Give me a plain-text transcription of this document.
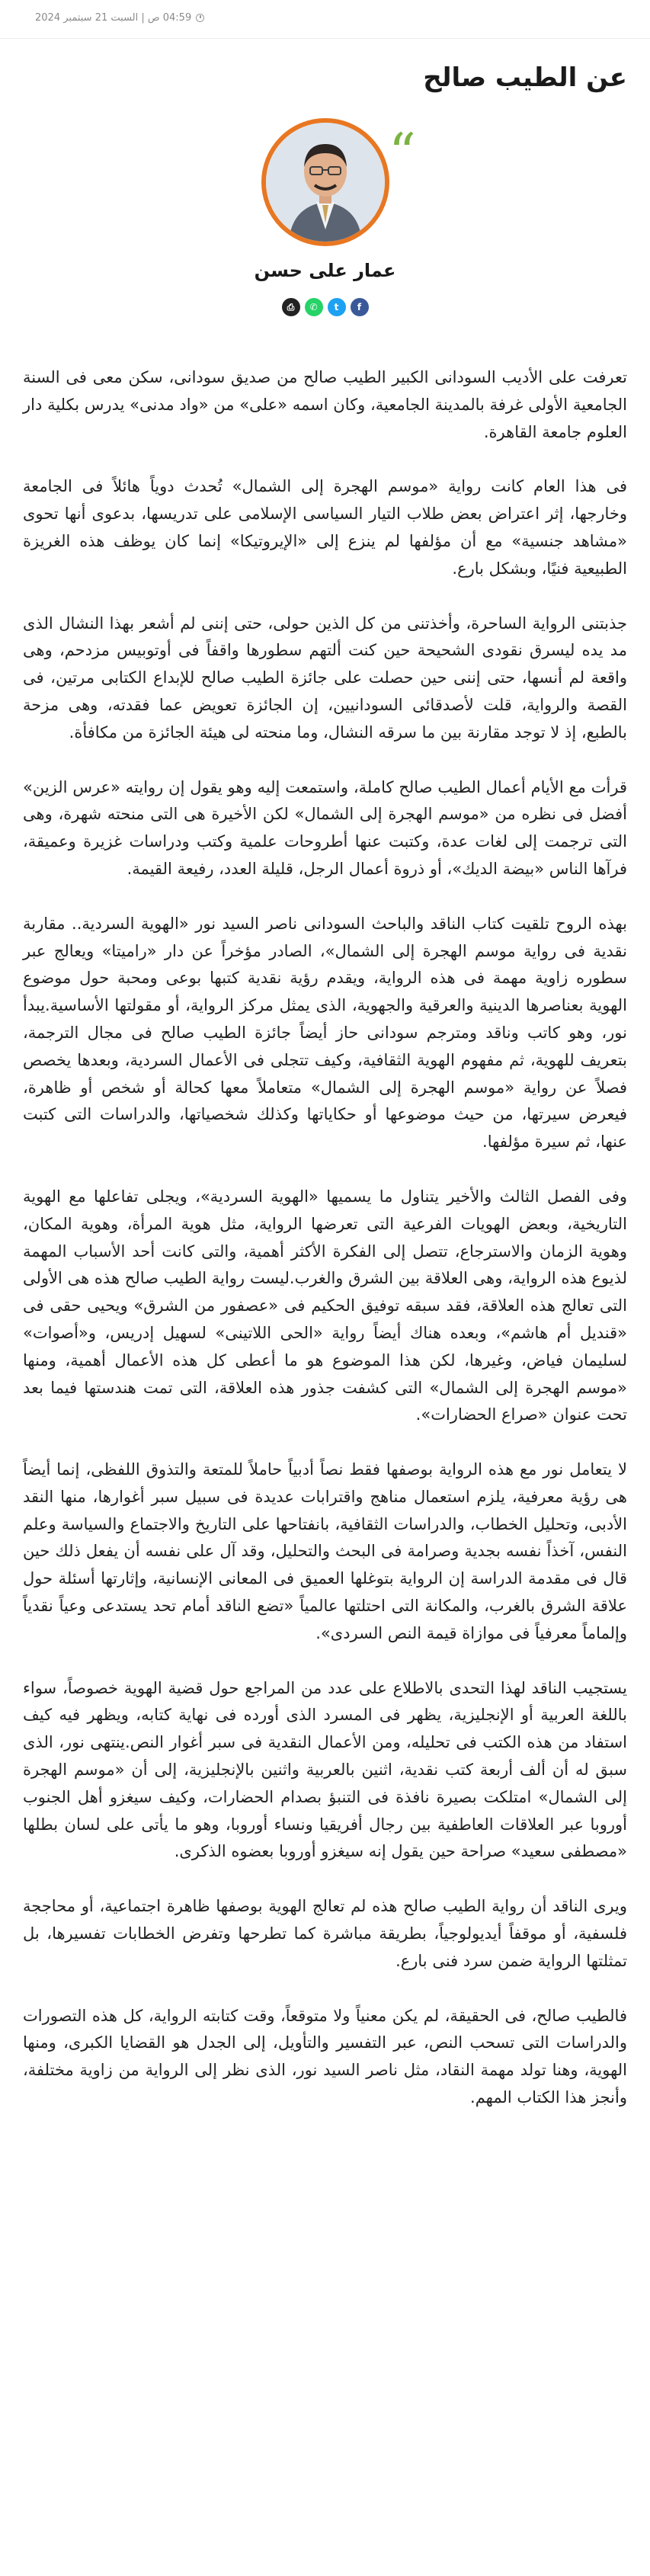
04:59 ص | السبت 21 سبتمبر 2024
عن الطيب صالح
“
عمار على حسن
⎙	✆	t	f

تعرفت على الأديب السودانى الكبير الطيب صالح من صديق سودانى، سكن معى فى السنة الجامعية الأولى غرفة بالمدينة الجامعية، وكان اسمه «على» من «واد مدنى» يدرس بكلية دار العلوم جامعة القاهرة.

فى هذا العام كانت رواية «موسم الهجرة إلى الشمال» تُحدث دوياً هائلاً فى الجامعة وخارجها، إثر اعتراض بعض طلاب التيار السياسى الإسلامى على تدريسها، بدعوى أنها تحوى «مشاهد جنسية» مع أن مؤلفها لم ينزع إلى «الإيروتيكا» إنما كان يوظف هذه الغريزة الطبيعية فنيًا، وبشكل بارع.

جذبتنى الرواية الساحرة، وأخذتنى من كل الذين حولى، حتى إننى لم أشعر بهذا النشال الذى مد يده ليسرق نقودى الشحيحة حين كنت ألتهم سطورها واقفاً فى أوتوبيس مزدحم، وهى واقعة لم أنسها، حتى إننى حين حصلت على جائزة الطيب صالح للإبداع الكتابى مرتين، فى القصة والرواية، قلت لأصدقائى السودانيين، إن الجائزة تعويض عما فقدته، وهى مزحة بالطبع، إذ لا توجد مقارنة بين ما سرقه النشال، وما منحته لى هيئة الجائزة من مكافأة.

قرأت مع الأيام أعمال الطيب صالح كاملة، واستمعت إليه وهو يقول إن روايته «عرس الزين» أفضل فى نظره من «موسم الهجرة إلى الشمال» لكن الأخيرة هى التى منحته شهرة، وهى التى ترجمت إلى لغات عدة، وكتبت عنها أطروحات علمية وكتب ودراسات غزيرة وعميقة، فرآها الناس «بيضة الديك»، أو ذروة أعمال الرجل، قليلة العدد، رفيعة القيمة.

بهذه الروح تلقيت كتاب الناقد والباحث السودانى ناصر السيد نور «الهوية السردية.. مقاربة نقدية فى رواية موسم الهجرة إلى الشمال»، الصادر مؤخراً عن دار «راميتا» ويعالج عبر سطوره زاوية مهمة فى هذه الرواية، ويقدم رؤية نقدية كتبها بوعى ومحبة حول موضوع الهوية بعناصرها الدينية والعرقية والجهوية، الذى يمثل مركز الرواية، أو مقولتها الأساسية.يبدأ نور، وهو كاتب وناقد ومترجم سودانى حاز أيضاً جائزة الطيب صالح فى مجال الترجمة، بتعريف للهوية، ثم مفهوم الهوية الثقافية، وكيف تتجلى فى الأعمال السردية، وبعدها يخصص فصلاً عن رواية «موسم الهجرة إلى الشمال» متعاملاً معها كحالة أو شخص أو ظاهرة، فيعرض سيرتها، من حيث موضوعها أو حكاياتها وكذلك شخصياتها، والدراسات التى كتبت عنها، ثم سيرة مؤلفها.

وفى الفصل الثالث والأخير يتناول ما يسميها «الهوية السردية»، ويجلى تفاعلها مع الهوية التاريخية، وبعض الهويات الفرعية التى تعرضها الرواية، مثل هوية المرأة، وهوية المكان، وهوية الزمان والاسترجاع، تتصل إلى الفكرة الأكثر أهمية، والتى كانت أحد الأسباب المهمة لذيوع هذه الرواية، وهى العلاقة بين الشرق والغرب.ليست رواية الطيب صالح هذه هى الأولى التى تعالج هذه العلاقة، فقد سبقه توفيق الحكيم فى «عصفور من الشرق» ويحيى حقى فى «قنديل أم هاشم»، وبعده هناك أيضاً رواية «الحى اللاتينى» لسهيل إدريس، و«أصوات» لسليمان فياض، وغيرها، لكن هذا الموضوع هو ما أعطى كل هذه الأعمال أهمية، ومنها «موسم الهجرة إلى الشمال» التى كشفت جذور هذه العلاقة، التى تمت هندستها فيما بعد تحت عنوان «صراع الحضارات».

لا يتعامل نور مع هذه الرواية بوصفها فقط نصاً أدبياً حاملاً للمتعة والتذوق اللفظى، إنما أيضاً هى رؤية معرفية، يلزم استعمال مناهج واقترابات عديدة فى سبيل سبر أغوارها، منها النقد الأدبى، وتحليل الخطاب، والدراسات الثقافية، بانفتاحها على التاريخ والاجتماع والسياسة وعلم النفس، آخذاً نفسه بجدية وصرامة فى البحث والتحليل، وقد آل على نفسه أن يفعل ذلك حين قال فى مقدمة الدراسة إن الرواية بتوغلها العميق فى المعانى الإنسانية، وإثارتها أسئلة حول علاقة الشرق بالغرب، والمكانة التى احتلتها عالمياً «تضع الناقد أمام تحد يستدعى وعياً نقدياً وإلماماً معرفياً فى موازاة قيمة النص السردى».

يستجيب الناقد لهذا التحدى بالاطلاع على عدد من المراجع حول قضية الهوية خصوصاً، سواء باللغة العربية أو الإنجليزية، يظهر فى المسرد الذى أورده فى نهاية كتابه، ويظهر فيه كيف استفاد من هذه الكتب فى تحليله، ومن الأعمال النقدية فى سبر أغوار النص.ينتهى نور، الذى سبق له أن ألف أربعة كتب نقدية، اثنين بالعربية واثنين بالإنجليزية، إلى أن «موسم الهجرة إلى الشمال» امتلكت بصيرة نافذة فى التنبؤ بصدام الحضارات، وكيف سيغزو أهل الجنوب أوروبا عبر العلاقات العاطفية بين رجال أفريقيا ونساء أوروبا، وهو ما يأتى على لسان بطلها «مصطفى سعيد» صراحة حين يقول إنه سيغزو أوروبا بعضوه الذكرى.

ويرى الناقد أن رواية الطيب صالح هذه لم تعالج الهوية بوصفها ظاهرة اجتماعية، أو محاججة فلسفية، أو موقفاً أيديولوجياً، بطريقة مباشرة كما تطرحها وتفرض الخطابات تفسيرها، بل تمثلتها الرواية ضمن سرد فنى بارع.

فالطيب صالح، فى الحقيقة، لم يكن معنياً ولا متوقعاً، وقت كتابته الرواية، كل هذه التصورات والدراسات التى تسحب النص، عبر التفسير والتأويل، إلى الجدل هو القضايا الكبرى، ومنها الهوية، وهنا تولد مهمة النقاد، مثل ناصر السيد نور، الذى نظر إلى الرواية من زاوية مختلفة، وأنجز هذا الكتاب المهم.
